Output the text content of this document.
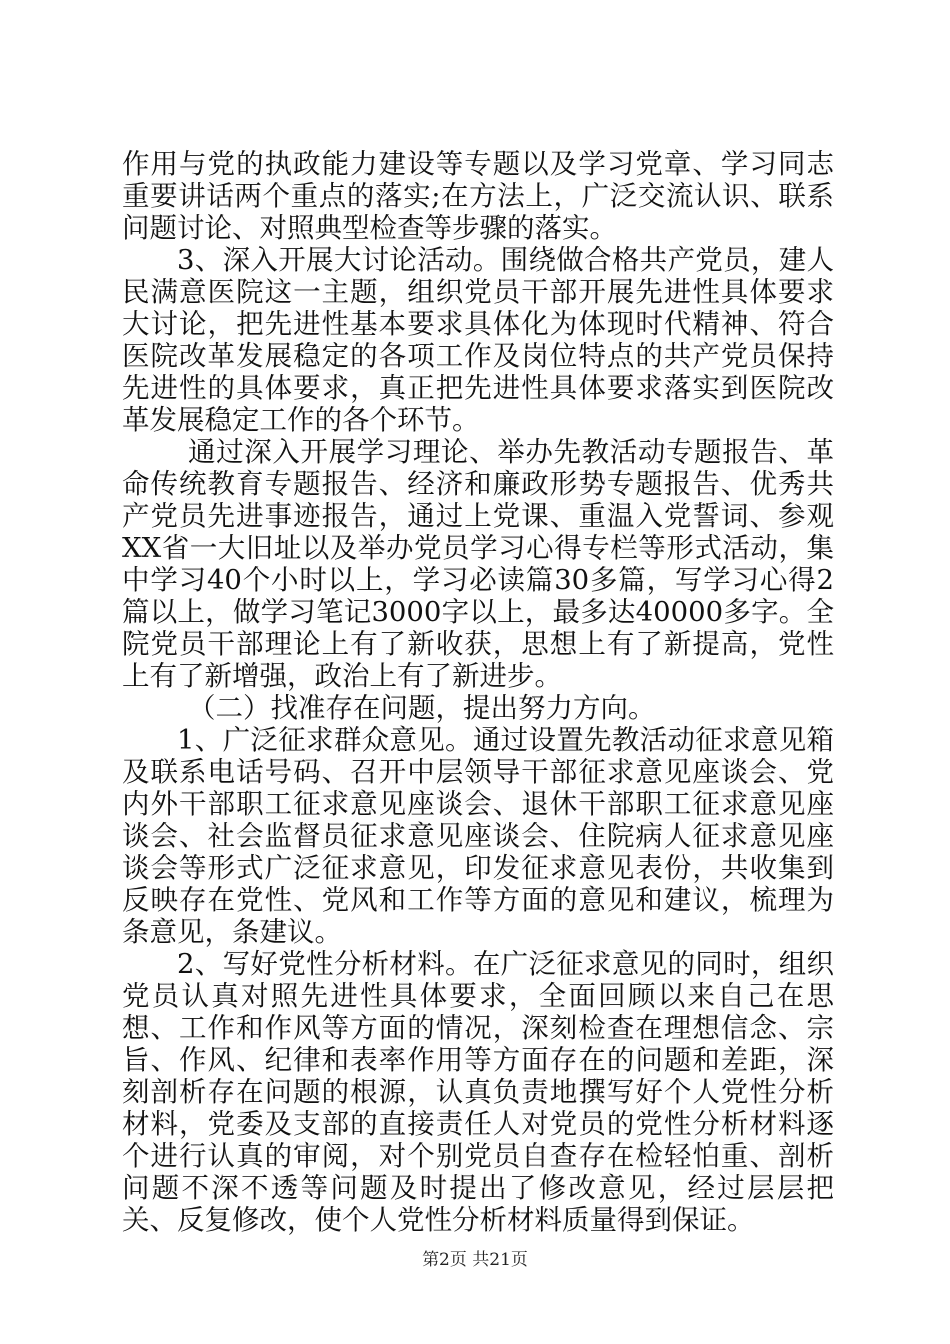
作用与党的执政能力建设等专题以及学习党章、学习同志重要讲话两个重点的落实;在方法上，广泛交流认识、联系问题讨论、对照典型检查等步骤的落实。

3、深入开展大讨论活动。围绕做合格共产党员，建人民满意医院这一主题，组织党员干部开展先进性具体要求大讨论，把先进性基本要求具体化为体现时代精神、符合医院改革发展稳定的各项工作及岗位特点的共产党员保持先进性的具体要求，真正把先进性具体要求落实到医院改革发展稳定工作的各个环节。

通过深入开展学习理论、举办先教活动专题报告、革命传统教育专题报告、经济和廉政形势专题报告、优秀共产党员先进事迹报告，通过上党课、重温入党誓词、参观XX省一大旧址以及举办党员学习心得专栏等形式活动，集中学习40个小时以上，学习必读篇30多篇，写学习心得2篇以上，做学习笔记3000字以上，最多达40000多字。全院党员干部理论上有了新收获，思想上有了新提高，党性上有了新增强，政治上有了新进步。

（二）找准存在问题，提出努力方向。

1、广泛征求群众意见。通过设置先教活动征求意见箱及联系电话号码、召开中层领导干部征求意见座谈会、党内外干部职工征求意见座谈会、退休干部职工征求意见座谈会、社会监督员征求意见座谈会、住院病人征求意见座谈会等形式广泛征求意见，印发征求意见表份，共收集到反映存在党性、党风和工作等方面的意见和建议，梳理为条意见，条建议。

2、写好党性分析材料。在广泛征求意见的同时，组织党员认真对照先进性具体要求，全面回顾以来自己在思想、工作和作风等方面的情况，深刻检查在理想信念、宗旨、作风、纪律和表率作用等方面存在的问题和差距，深刻剖析存在问题的根源，认真负责地撰写好个人党性分析材料，党委及支部的直接责任人对党员的党性分析材料逐个进行认真的审阅，对个别党员自查存在检轻怕重、剖析问题不深不透等问题及时提出了修改意见，经过层层把关、反复修改，使个人党性分析材料质量得到保证。

第2页 共21页
